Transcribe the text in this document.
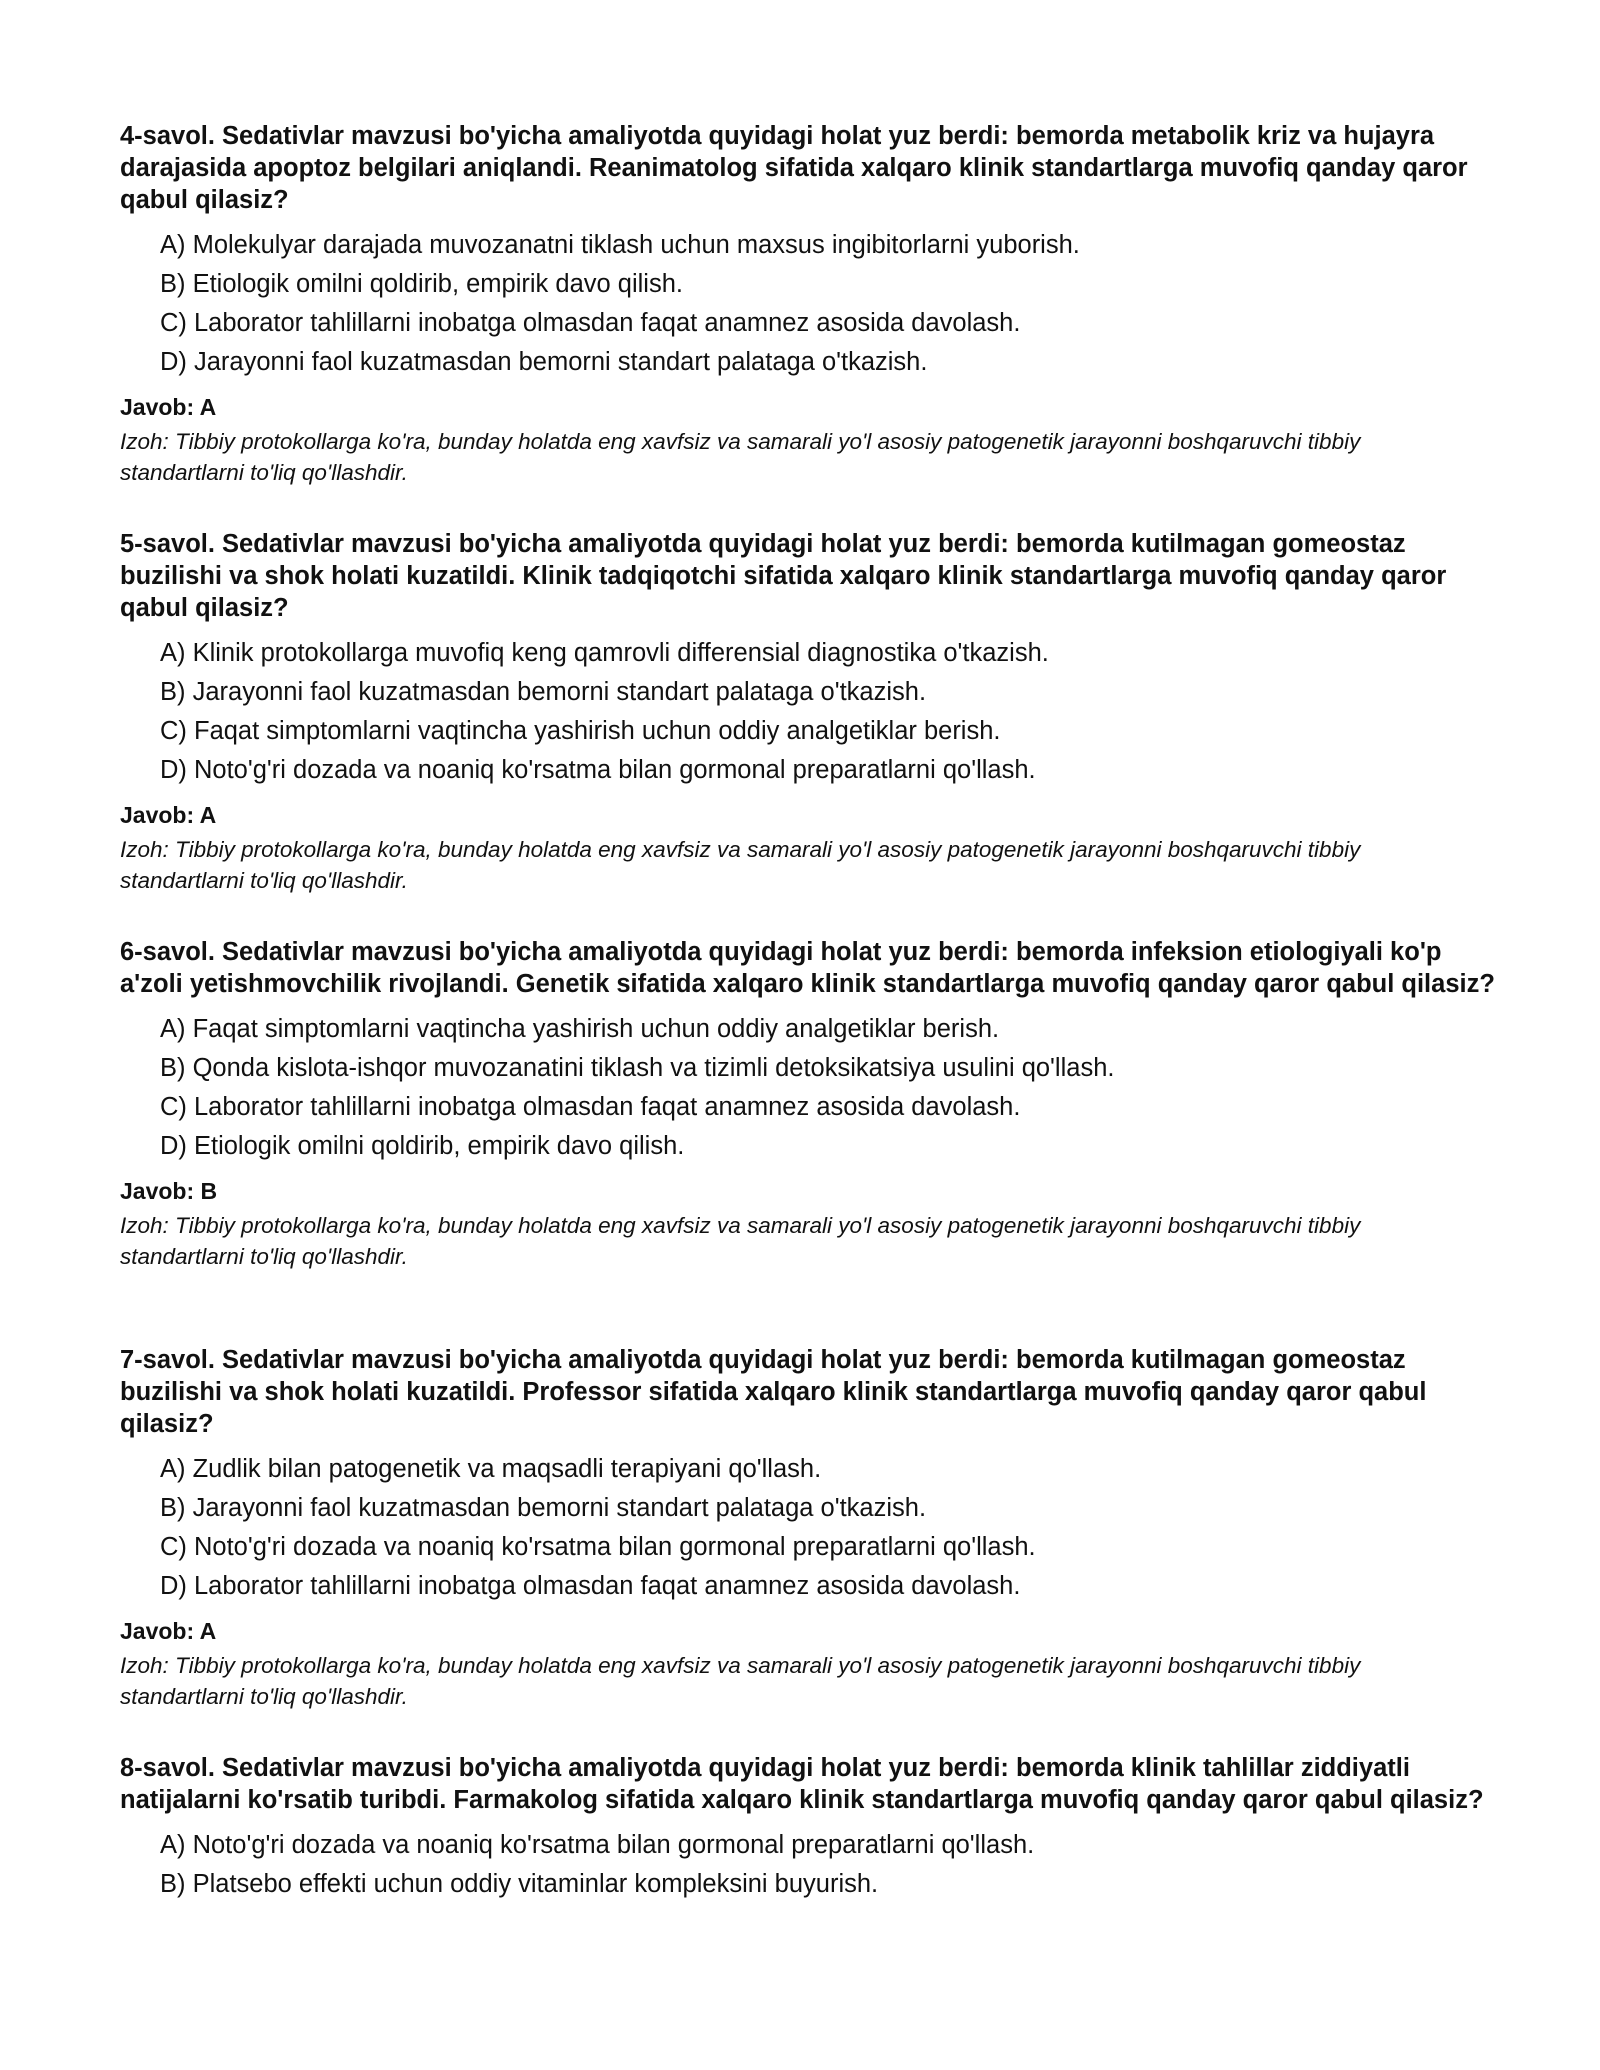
4-savol. Sedativlar mavzusi bo'yicha amaliyotda quyidagi holat yuz berdi: bemorda metabolik kriz va hujayra darajasida apoptoz belgilari aniqlandi. Reanimatolog sifatida xalqaro klinik standartlarga muvofiq qanday qaror qabul qilasiz?

A) Molekulyar darajada muvozanatni tiklash uchun maxsus ingibitorlarni yuborish.
B) Etiologik omilni qoldirib, empirik davo qilish.
C) Laborator tahlillarni inobatga olmasdan faqat anamnez asosida davolash.
D) Jarayonni faol kuzatmasdan bemorni standart palataga o'tkazish.
Javob: A
Izoh: Tibbiy protokollarga ko'ra, bunday holatda eng xavfsiz va samarali yo'l asosiy patogenetik jarayonni boshqaruvchi tibbiy standartlarni to'liq qo'llashdir.

5-savol. Sedativlar mavzusi bo'yicha amaliyotda quyidagi holat yuz berdi: bemorda kutilmagan gomeostaz buzilishi va shok holati kuzatildi. Klinik tadqiqotchi sifatida xalqaro klinik standartlarga muvofiq qanday qaror qabul qilasiz?

A) Klinik protokollarga muvofiq keng qamrovli differensial diagnostika o'tkazish.
B) Jarayonni faol kuzatmasdan bemorni standart palataga o'tkazish.
C) Faqat simptomlarni vaqtincha yashirish uchun oddiy analgetiklar berish.
D) Noto'g'ri dozada va noaniq ko'rsatma bilan gormonal preparatlarni qo'llash.
Javob: A
Izoh: Tibbiy protokollarga ko'ra, bunday holatda eng xavfsiz va samarali yo'l asosiy patogenetik jarayonni boshqaruvchi tibbiy standartlarni to'liq qo'llashdir.

6-savol. Sedativlar mavzusi bo'yicha amaliyotda quyidagi holat yuz berdi: bemorda infeksion etiologiyali ko'p a'zoli yetishmovchilik rivojlandi. Genetik sifatida xalqaro klinik standartlarga muvofiq qanday qaror qabul qilasiz?

A) Faqat simptomlarni vaqtincha yashirish uchun oddiy analgetiklar berish.
B) Qonda kislota-ishqor muvozanatini tiklash va tizimli detoksikatsiya usulini qo'llash.
C) Laborator tahlillarni inobatga olmasdan faqat anamnez asosida davolash.
D) Etiologik omilni qoldirib, empirik davo qilish.
Javob: B
Izoh: Tibbiy protokollarga ko'ra, bunday holatda eng xavfsiz va samarali yo'l asosiy patogenetik jarayonni boshqaruvchi tibbiy standartlarni to'liq qo'llashdir.

7-savol. Sedativlar mavzusi bo'yicha amaliyotda quyidagi holat yuz berdi: bemorda kutilmagan gomeostaz buzilishi va shok holati kuzatildi. Professor sifatida xalqaro klinik standartlarga muvofiq qanday qaror qabul qilasiz?

A) Zudlik bilan patogenetik va maqsadli terapiyani qo'llash.
B) Jarayonni faol kuzatmasdan bemorni standart palataga o'tkazish.
C) Noto'g'ri dozada va noaniq ko'rsatma bilan gormonal preparatlarni qo'llash.
D) Laborator tahlillarni inobatga olmasdan faqat anamnez asosida davolash.
Javob: A
Izoh: Tibbiy protokollarga ko'ra, bunday holatda eng xavfsiz va samarali yo'l asosiy patogenetik jarayonni boshqaruvchi tibbiy standartlarni to'liq qo'llashdir.

8-savol. Sedativlar mavzusi bo'yicha amaliyotda quyidagi holat yuz berdi: bemorda klinik tahlillar ziddiyatli natijalarni ko'rsatib turibdi. Farmakolog sifatida xalqaro klinik standartlarga muvofiq qanday qaror qabul qilasiz?

A) Noto'g'ri dozada va noaniq ko'rsatma bilan gormonal preparatlarni qo'llash.
B) Platsebo effekti uchun oddiy vitaminlar kompleksini buyurish.
